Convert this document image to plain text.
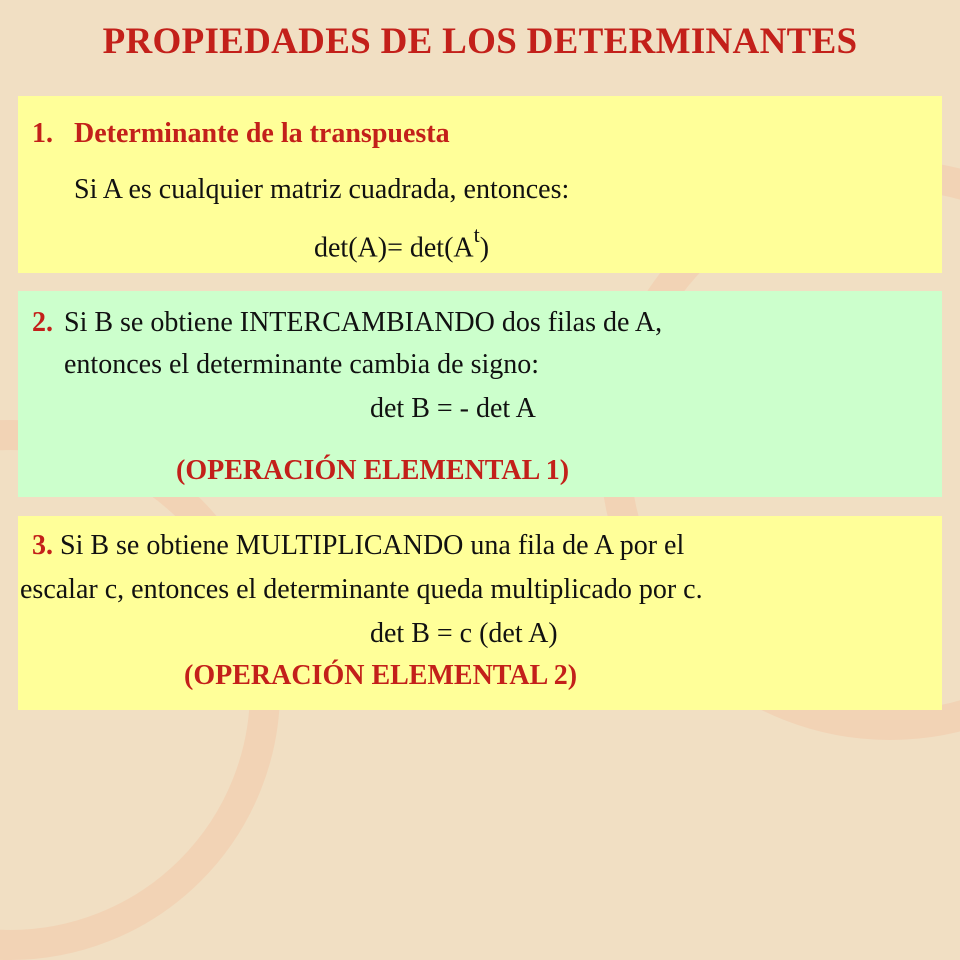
PROPIEDADES DE LOS DETERMINANTES
1. Determinante de la transpuesta
Si A es cualquier matriz cuadrada, entonces:
$\det(A)= \det(A^t)$
2. Si B se obtiene INTERCAMBIANDO dos filas de A,
entonces el determinante cambia de signo:
det B = - det A
(OPERACIÓN ELEMENTAL 1)
3. Si B se obtiene MULTIPLICANDO una fila de A por el
escalar c, entonces el determinante queda multiplicado por c.
det B = c (det A)
(OPERACIÓN ELEMENTAL 2)
